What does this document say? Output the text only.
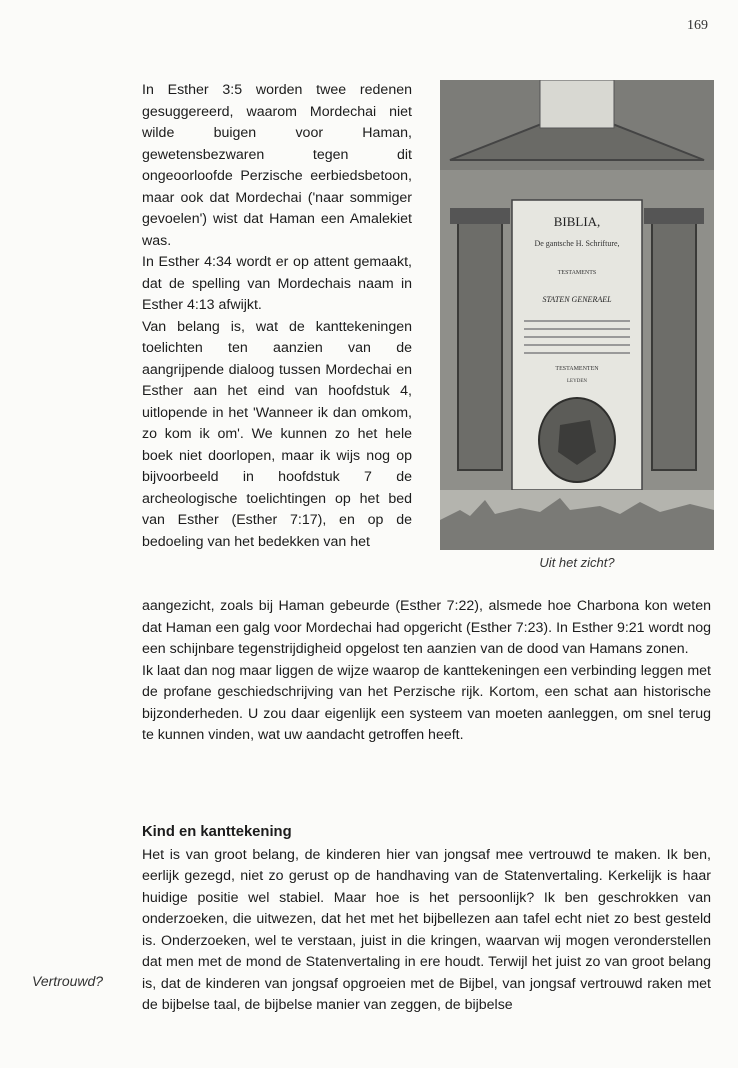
169

In Esther 3:5 worden twee redenen gesuggereerd, waarom Mordechai niet wilde buigen voor Haman, gewetensbezwaren tegen dit ongeoorloofde Perzische eerbiedsbetoon, maar ook dat Mordechai ('naar sommiger gevoelen') wist dat Haman een Amalekiet was.

In Esther 4:34 wordt er op attent gemaakt, dat de spelling van Mordechais naam in Esther 4:13 afwijkt.

Van belang is, wat de kanttekeningen toelichten ten aanzien van de aangrijpende dialoog tussen Mordechai en Esther aan het eind van hoofdstuk 4, uitlopende in het 'Wanneer ik dan omkom, zo kom ik om'. We kunnen zo het hele boek niet doorlopen, maar ik wijs nog op bijvoorbeeld in hoofdstuk 7 de archeologische toelichtingen op het bed van Esther (Esther 7:17), en op de bedoeling van het bedekken van het

BIBLIA,
De gantsche H. Schrifture,
TESTAMENTS
STATEN GENERAEL
TESTAMENTEN
LEYDEN
Uit het zicht?

aangezicht, zoals bij Haman gebeurde (Esther 7:22), alsmede hoe Charbona kon weten dat Haman een galg voor Mordechai had opgericht (Esther 7:23). In Esther 9:21 wordt nog een schijnbare tegenstrijdigheid opgelost ten aanzien van de dood van Hamans zonen.

Ik laat dan nog maar liggen de wijze waarop de kanttekeningen een verbinding leggen met de profane geschiedschrijving van het Perzische rijk. Kortom, een schat aan historische bijzonderheden. U zou daar eigenlijk een systeem van moeten aanleggen, om snel terug te kunnen vinden, wat uw aandacht getroffen heeft.

Kind en kanttekening

Het is van groot belang, de kinderen hier van jongsaf mee vertrouwd te maken. Ik ben, eerlijk gezegd, niet zo gerust op de handhaving van de Statenvertaling. Kerkelijk is haar huidige positie wel stabiel. Maar hoe is het persoonlijk? Ik ben geschrokken van onderzoeken, die uitwezen, dat het met het bijbellezen aan tafel echt niet zo best gesteld is. Onderzoeken, wel te verstaan, juist in die kringen, waarvan wij mogen veronderstellen dat men met de mond de Statenvertaling in ere houdt. Terwijl het juist zo van groot belang is, dat de kinderen van jongsaf opgroeien met de Bijbel, van jongsaf vertrouwd raken met de bijbelse taal, de bijbelse manier van zeggen, de bijbelse

Vertrouwd?
